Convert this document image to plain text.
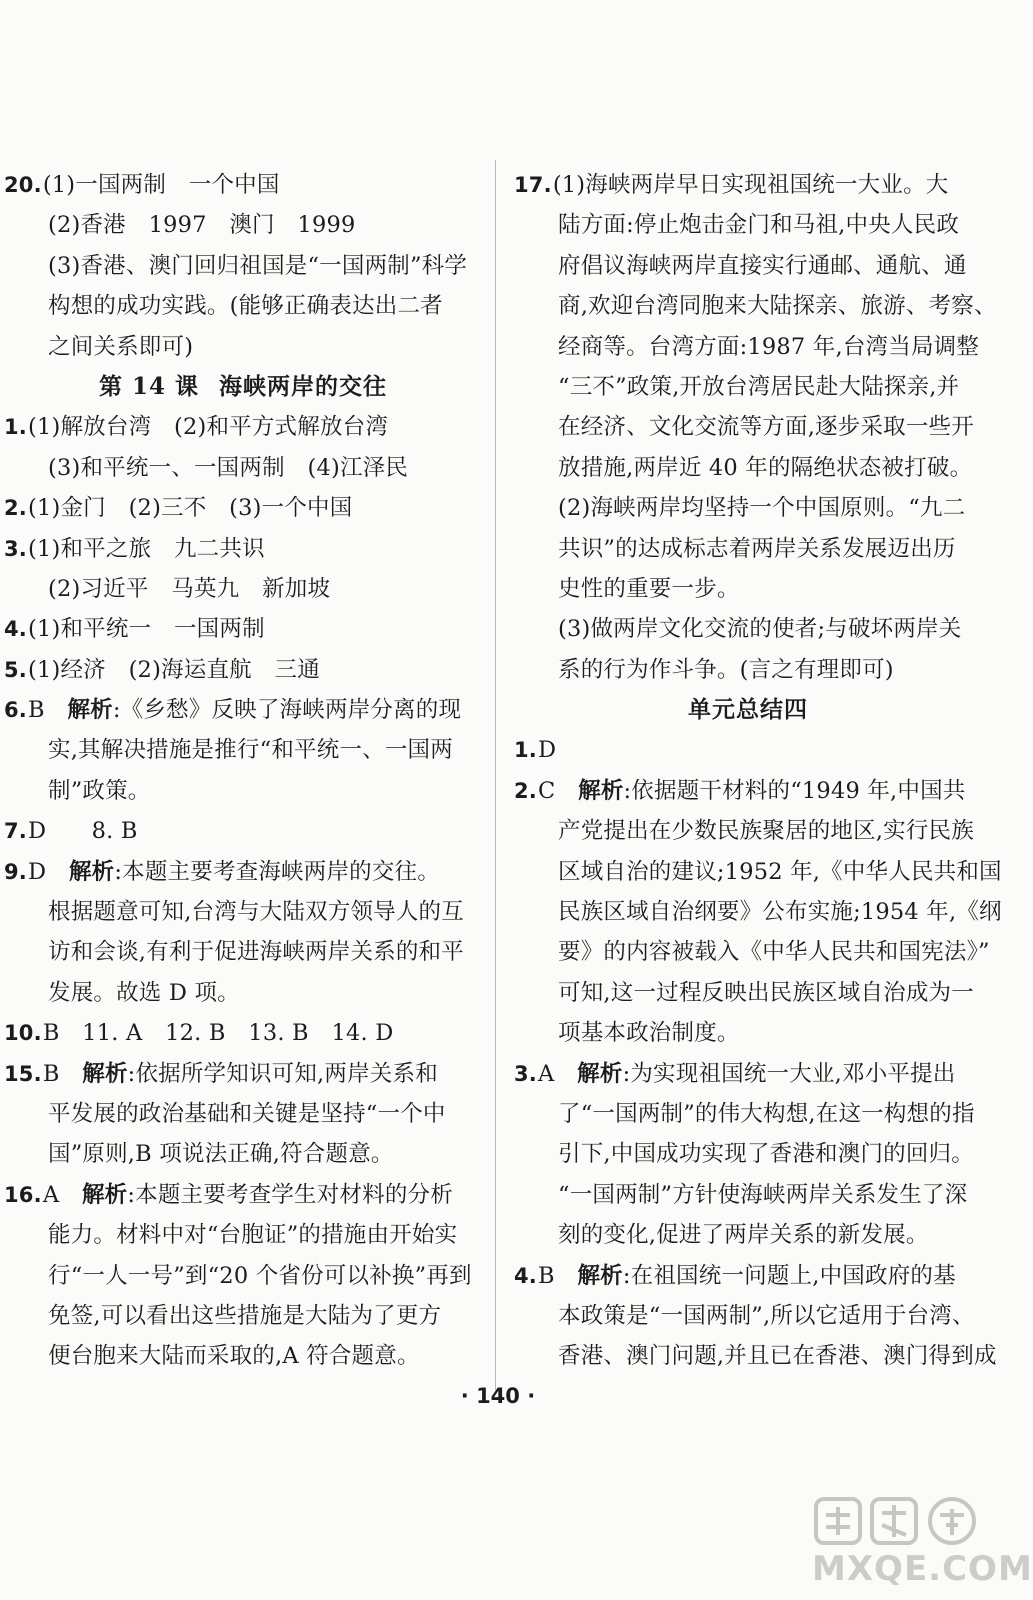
20.(1)一国两制　一个中国
(2)香港　1997　澳门　1999
(3)香港、澳门回归祖国是“一国两制”科学
构想的成功实践。(能够正确表达出二者
之间关系即可)
第 14 课 海峡两岸的交往
1.(1)解放台湾　(2)和平方式解放台湾
(3)和平统一、一国两制　(4)江泽民
2.(1)金门　(2)三不　(3)一个中国
3.(1)和平之旅　九二共识
(2)习近平　马英九　新加坡
4.(1)和平统一　一国两制
5.(1)经济　(2)海运直航　三通
6.B　 解析:《乡愁》反映了海峡两岸分离的现
实,其解决措施是推行“和平统一、一国两
制”政策。
7.D　　8. B
9.D　 解析:本题主要考查海峡两岸的交往。
根据题意可知,台湾与大陆双方领导人的互
访和会谈,有利于促进海峡两岸关系的和平
发展。故选 D 项。
10.B　11. A　12. B　13. B　14. D
15.B　 解析:依据所学知识可知,两岸关系和
平发展的政治基础和关键是坚持“一个中
国”原则,B 项说法正确,符合题意。
16.A　 解析:本题主要考查学生对材料的分析
能力。材料中对“台胞证”的措施由开始实
行“一人一号”到“20 个省份可以补换”再到
免签,可以看出这些措施是大陆为了更方
便台胞来大陆而采取的,A 符合题意。
17.(1)海峡两岸早日实现祖国统一大业。大
陆方面:停止炮击金门和马祖,中央人民政
府倡议海峡两岸直接实行通邮、通航、通
商,欢迎台湾同胞来大陆探亲、旅游、考察、
经商等。台湾方面:1987 年,台湾当局调整
“三不”政策,开放台湾居民赴大陆探亲,并
在经济、文化交流等方面,逐步采取一些开
放措施,两岸近 40 年的隔绝状态被打破。
(2)海峡两岸均坚持一个中国原则。“九二
共识”的达成标志着两岸关系发展迈出历
史性的重要一步。
(3)做两岸文化交流的使者;与破坏两岸关
系的行为作斗争。(言之有理即可)
单元总结四
1.D
2.C　 解析:依据题干材料的“1949 年,中国共
产党提出在少数民族聚居的地区,实行民族
区域自治的建议;1952 年,《中华人民共和国
民族区域自治纲要》公布实施;1954 年,《纲
要》的内容被载入《中华人民共和国宪法》”
可知,这一过程反映出民族区域自治成为一
项基本政治制度。
3.A　 解析:为实现祖国统一大业,邓小平提出
了“一国两制”的伟大构想,在这一构想的指
引下,中国成功实现了香港和澳门的回归。
“一国两制”方针使海峡两岸关系发生了深
刻的变化,促进了两岸关系的新发展。
4.B　 解析:在祖国统一问题上,中国政府的基
本政策是“一国两制”,所以它适用于台湾、
香港、澳门问题,并且已在香港、澳门得到成
· 140 ·
MXQE.COM
